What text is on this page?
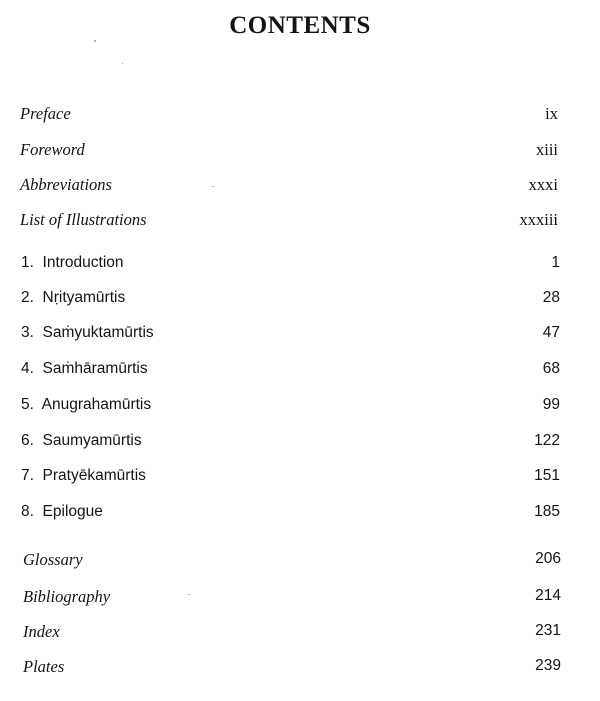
CONTENTS
Preface	ix
Foreword	xiii
Abbreviations	xxxi
List of Illustrations	xxxiii
1.  Introduction	1
2.  Nṛityamūrtis	28
3.  Saṁyuktamūrtis	47
4.  Saṁhāramūrtis	68
5.  Anugrahamūrtis	99
6.  Saumyamūrtis	122
7.  Pratyēkamūrtis	151
8.  Epilogue	185
Glossary	206
Bibliography	214
Index	231
Plates	239
